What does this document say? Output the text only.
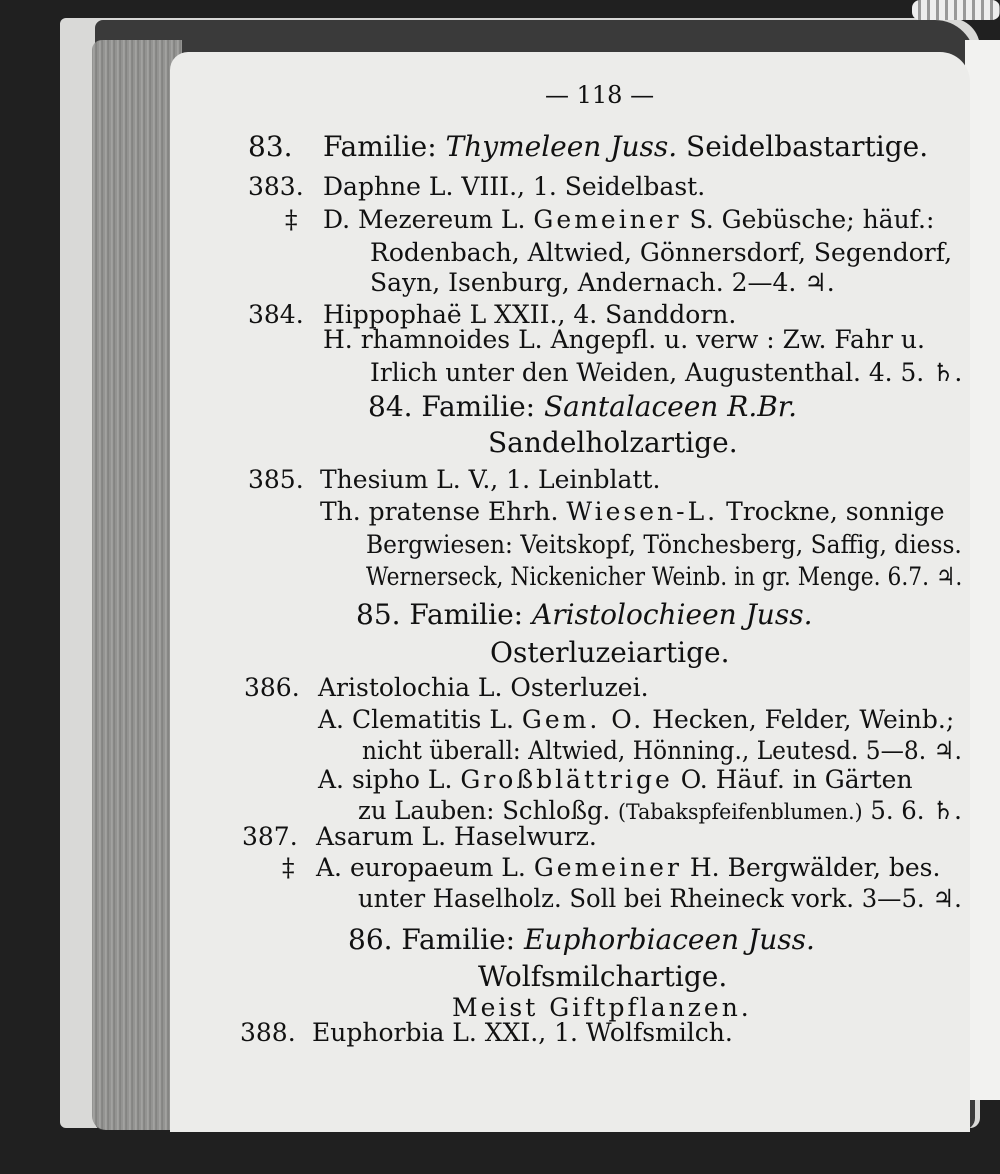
— 118 —
83. Familie: Thymeleen Juss. Seidelbastartige.
383. Daphne L. VIII., 1. Seidelbast.
‡ D. Mezereum L. Gemeiner S. Gebüsche; häuf.:
Rodenbach, Altwied, Gönnersdorf, Segendorf,
Sayn, Isenburg, Andernach. 2—4. ♃.
384. Hippophaë L XXII., 4. Sanddorn.
H. rhamnoides L. Angepfl. u. verw : Zw. Fahr u.
Irlich unter den Weiden, Augustenthal. 4. 5. ♄.
84. Familie: Santalaceen R.Br.
Sandelholzartige.
385. Thesium L. V., 1. Leinblatt.
Th. pratense Ehrh. Wiesen-L. Trockne, sonnige
Bergwiesen: Veitskopf, Tönchesberg, Saffig, diess.
Wernerseck, Nickenicher Weinb. in gr. Menge. 6.7. ♃.
85. Familie: Aristolochieen Juss.
Osterluzeiartige.
386. Aristolochia L. Osterluzei.
A. Clematitis L. Gem. O. Hecken, Felder, Weinb.;
nicht überall: Altwied, Hönning., Leutesd. 5—8. ♃.
A. sipho L. Großblättrige O. Häuf. in Gärten
zu Lauben: Schloßg. (Tabakspfeifenblumen.) 5. 6. ♄.
387. Asarum L. Haselwurz.
‡ A. europaeum L. Gemeiner H. Bergwälder, bes.
unter Haselholz. Soll bei Rheineck vork. 3—5. ♃.
86. Familie: Euphorbiaceen Juss.
Wolfsmilchartige.
Meist Giftpflanzen.
388. Euphorbia L. XXI., 1. Wolfsmilch.
